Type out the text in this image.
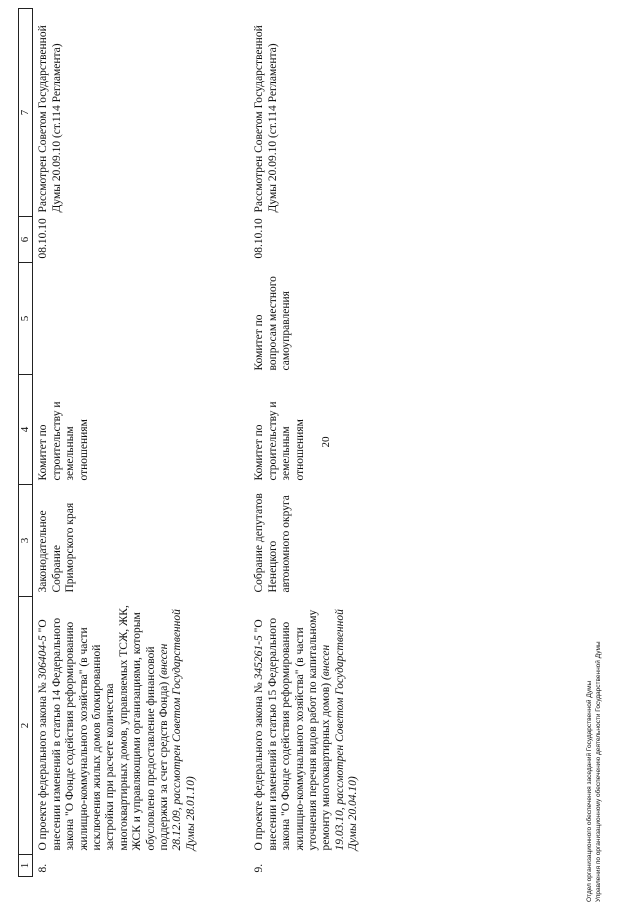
20
1	2	3	4	5	6	7
8.	О проекте федерального закона № 306404-5 "О внесении изменений в статью 14 Федерального закона "О Фонде содействия реформированию жилищно-коммунального хозяйства" (в части исключения жилых домов блокированной застройки при расчете количества многоквартирных домов, управляемых ТСЖ, ЖК, ЖСК и управляющими организациями, которым обусловлено предоставление финансовой поддержки за счет средств Фонда) (внесен 28.12.09, рассмотрен Советом Государственной Думы 28.01.10)	Законодательное Собрание Приморского края	Комитет по строительству и земельным отношениям		08.10.10	Рассмотрен Советом Государственной Думы 20.09.10 (ст.114 Регламента)
9.	О проекте федерального закона № 345261-5 "О внесении изменений в статью 15 Федерального закона "О Фонде содействия реформированию жилищно-коммунального хозяйства" (в части уточнения перечня видов работ по капитальному ремонту многоквартирных домов) (внесен 19.03.10, рассмотрен Советом Государственной Думы 20.04.10)	Собрание депутатов Ненецкого автономного округа	Комитет по строительству и земельным отношениям	Комитет по вопросам местного самоуправления	08.10.10	Рассмотрен Советом Государственной Думы 20.09.10 (ст.114 Регламента)
Отдел организационного обеспечения заседаний Государственной Думы Управления по организационному обеспечению деятельности Государственной Думы
